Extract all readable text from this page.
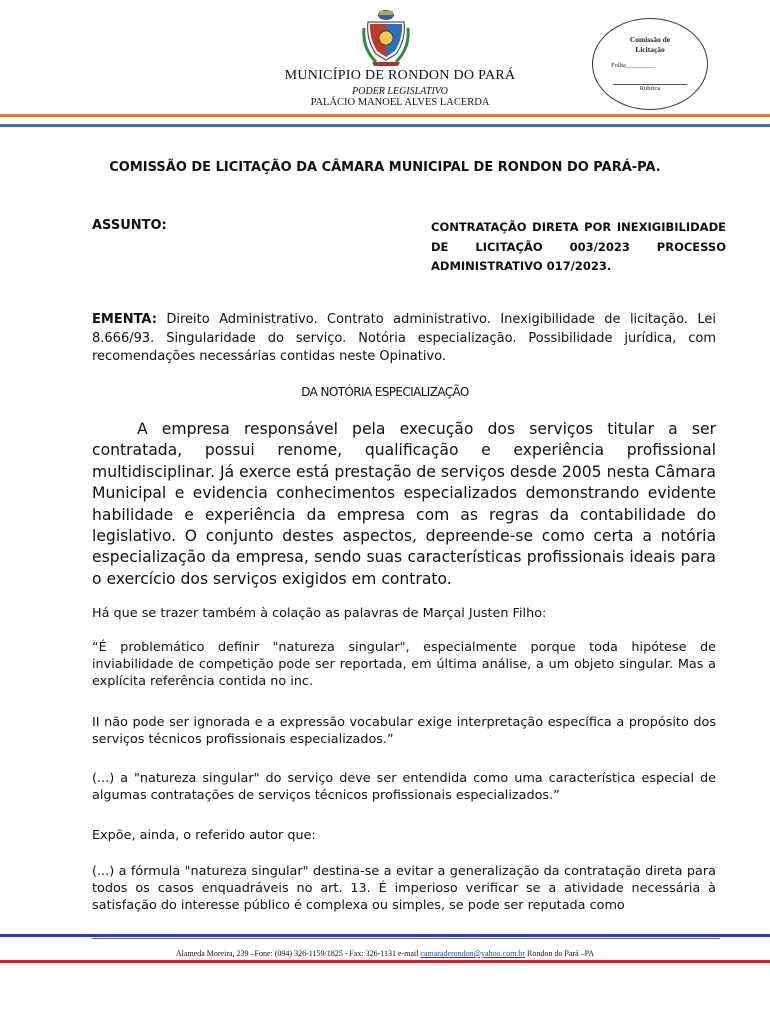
MUNICÍPIO DE RONDON DO PARÁ
PODER LEGISLATIVO
PALÁCIO MANOEL ALVES LACERDA
Comissão de
Licitação
Folha_________
Rubrica
COMISSÃO DE LICITAÇÃO DA CÂMARA MUNICIPAL DE RONDON DO PARÁ-PA.
ASSUNTO:	CONTRATAÇÃO DIRETA POR INEXIGIBILIDADE
DE LICITAÇÃO 003/2023 PROCESSO
ADMINISTRATIVO 017/2023.

EMENTA: Direito Administrativo. Contrato administrativo. Inexigibilidade de licitação. Lei 8.666/93. Singularidade do serviço. Notória especialização. Possibilidade jurídica, com recomendações necessárias contidas neste Opinativo.

DA NOTÓRIA ESPECIALIZAÇÃO

A empresa responsável pela execução dos serviços titular a ser contratada, possui renome, qualificação e experiência profissional multidisciplinar. Já exerce está prestação de serviços desde 2005 nesta Câmara Municipal e evidencia conhecimentos especializados demonstrando evidente habilidade e experiência da empresa com as regras da contabilidade do legislativo. O conjunto destes aspectos, depreende-se como certa a notória especialização da empresa, sendo suas características profissionais ideais para o exercício dos serviços exigidos em contrato.

Há que se trazer também à colação as palavras de Marçal Justen Filho:

“É problemático definir "natureza singular", especialmente porque toda hipótese de inviabilidade de competição pode ser reportada, em última análise, a um objeto singular. Mas a explícita referência contida no inc.

II não pode ser ignorada e a expressão vocabular exige interpretação específica a propósito dos serviços técnicos profissionais especializados.”

(...) a "natureza singular" do serviço deve ser entendida como uma característica especial de algumas contratações de serviços técnicos profissionais especializados.”

Expõe, ainda, o referido autor que:

(...) a fórmula "natureza singular" destina-se a evitar a generalização da contratação direta para todos os casos enquadráveis no art. 13. É imperioso verificar se a atividade necessária à satisfação do interesse público é complexa ou simples, se pode ser reputada como

Alameda Moreira, 239 –Fone: (094) 326-1159/1825 - Fax: 326-1131 e-mail camaraderondon@yahoo.com.br Rondon do Pará –PA
